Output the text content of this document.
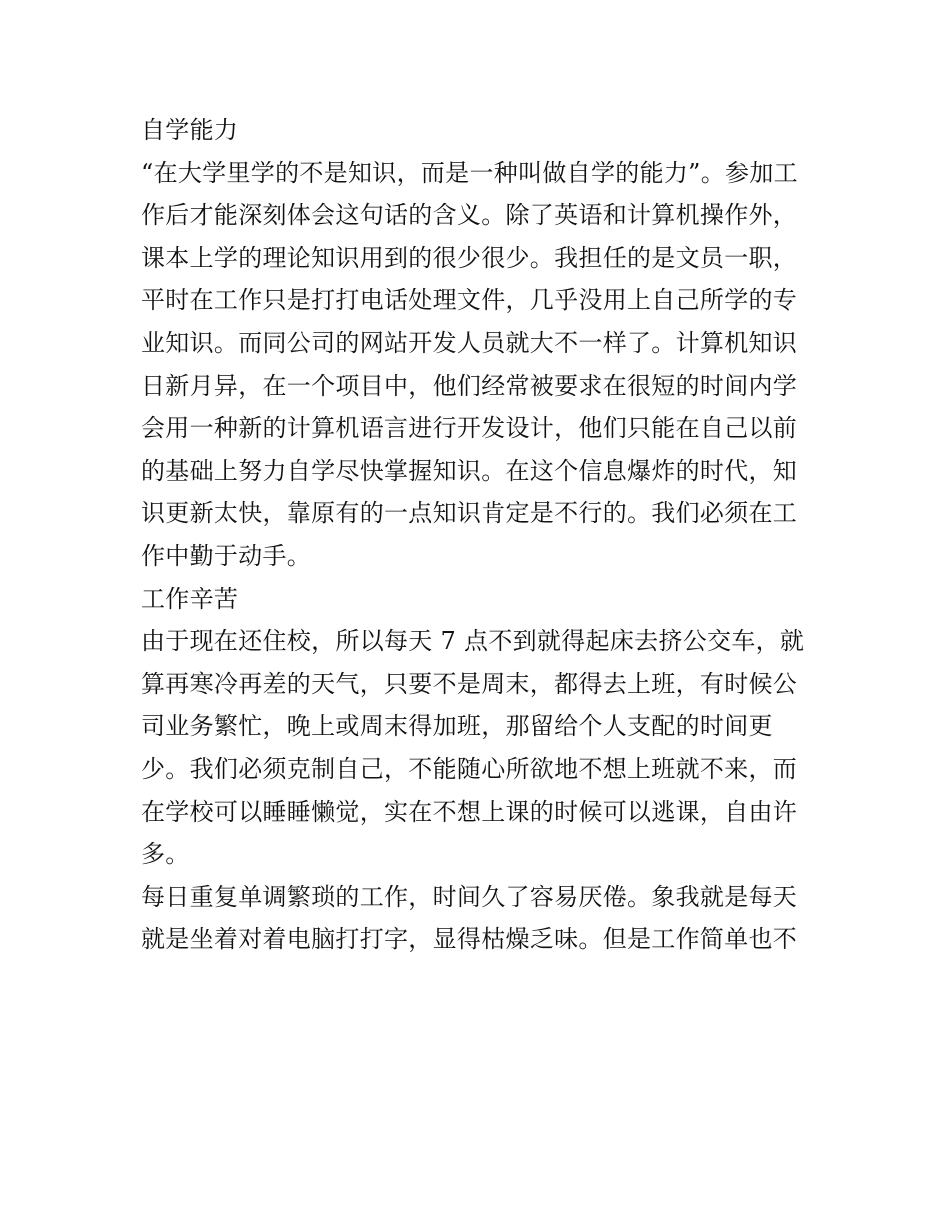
自学能力

“在大学里学的不是知识，而是一种叫做自学的能力”。参加工
作后才能深刻体会这句话的含义。除了英语和计算机操作外，
课本上学的理论知识用到的很少很少。我担任的是文员一职，
平时在工作只是打打电话处理文件，几乎没用上自己所学的专
业知识。而同公司的网站开发人员就大不一样了。计算机知识
日新月异，在一个项目中，他们经常被要求在很短的时间内学
会用一种新的计算机语言进行开发设计，他们只能在自己以前
的基础上努力自学尽快掌握知识。在这个信息爆炸的时代，知
识更新太快，靠原有的一点知识肯定是不行的。我们必须在工
作中勤于动手。

工作辛苦

由于现在还住校，所以每天 7 点不到就得起床去挤公交车，就
算再寒冷再差的天气，只要不是周末，都得去上班，有时候公
司业务繁忙，晚上或周末得加班，那留给个人支配的时间更
少。我们必须克制自己，不能随心所欲地不想上班就不来，而
在学校可以睡睡懒觉，实在不想上课的时候可以逃课，自由许
多。

每日重复单调繁琐的工作，时间久了容易厌倦。象我就是每天
就是坐着对着电脑打打字，显得枯燥乏味。但是工作简单也不
